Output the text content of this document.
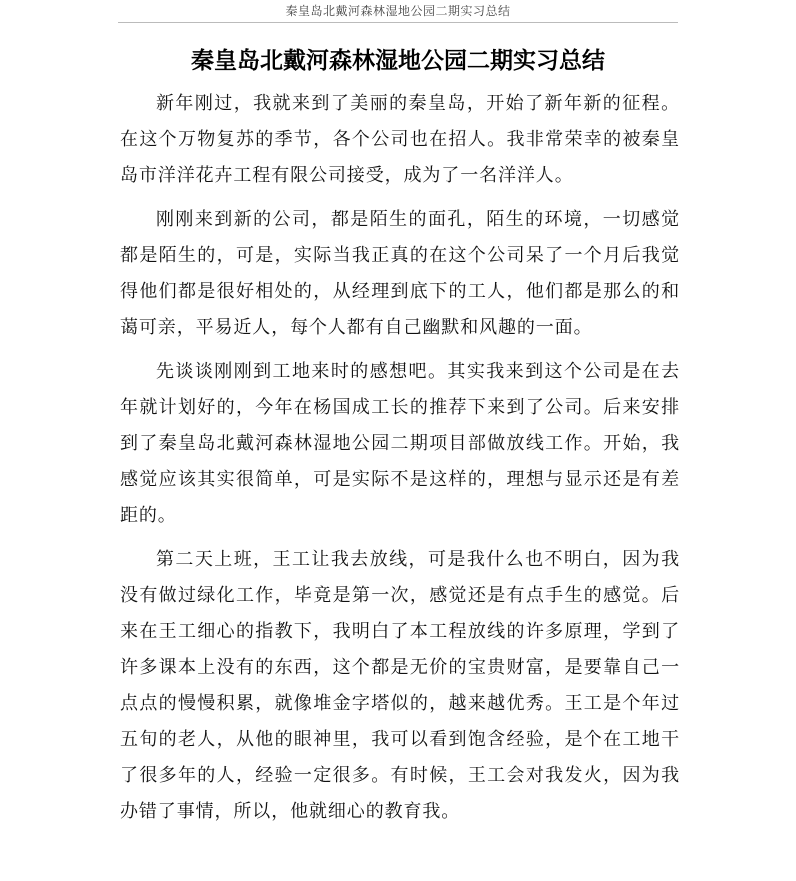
秦皇岛北戴河森林湿地公园二期实习总结
秦皇岛北戴河森林湿地公园二期实习总结

新年刚过，我就来到了美丽的秦皇岛，开始了新年新的征程。在这个万物复苏的季节，各个公司也在招人。我非常荣幸的被秦皇岛市洋洋花卉工程有限公司接受，成为了一名洋洋人。

刚刚来到新的公司，都是陌生的面孔，陌生的环境，一切感觉都是陌生的，可是，实际当我正真的在这个公司呆了一个月后我觉得他们都是很好相处的，从经理到底下的工人，他们都是那么的和蔼可亲，平易近人，每个人都有自己幽默和风趣的一面。

先谈谈刚刚到工地来时的感想吧。其实我来到这个公司是在去年就计划好的，今年在杨国成工长的推荐下来到了公司。后来安排到了秦皇岛北戴河森林湿地公园二期项目部做放线工作。开始，我感觉应该其实很简单，可是实际不是这样的，理想与显示还是有差距的。

第二天上班，王工让我去放线，可是我什么也不明白，因为我没有做过绿化工作，毕竟是第一次，感觉还是有点手生的感觉。后来在王工细心的指教下，我明白了本工程放线的许多原理，学到了许多课本上没有的东西，这个都是无价的宝贵财富，是要靠自己一点点的慢慢积累，就像堆金字塔似的，越来越优秀。王工是个年过五旬的老人，从他的眼神里，我可以看到饱含经验，是个在工地干了很多年的人，经验一定很多。有时候，王工会对我发火，因为我办错了事情，所以，他就细心的教育我。
